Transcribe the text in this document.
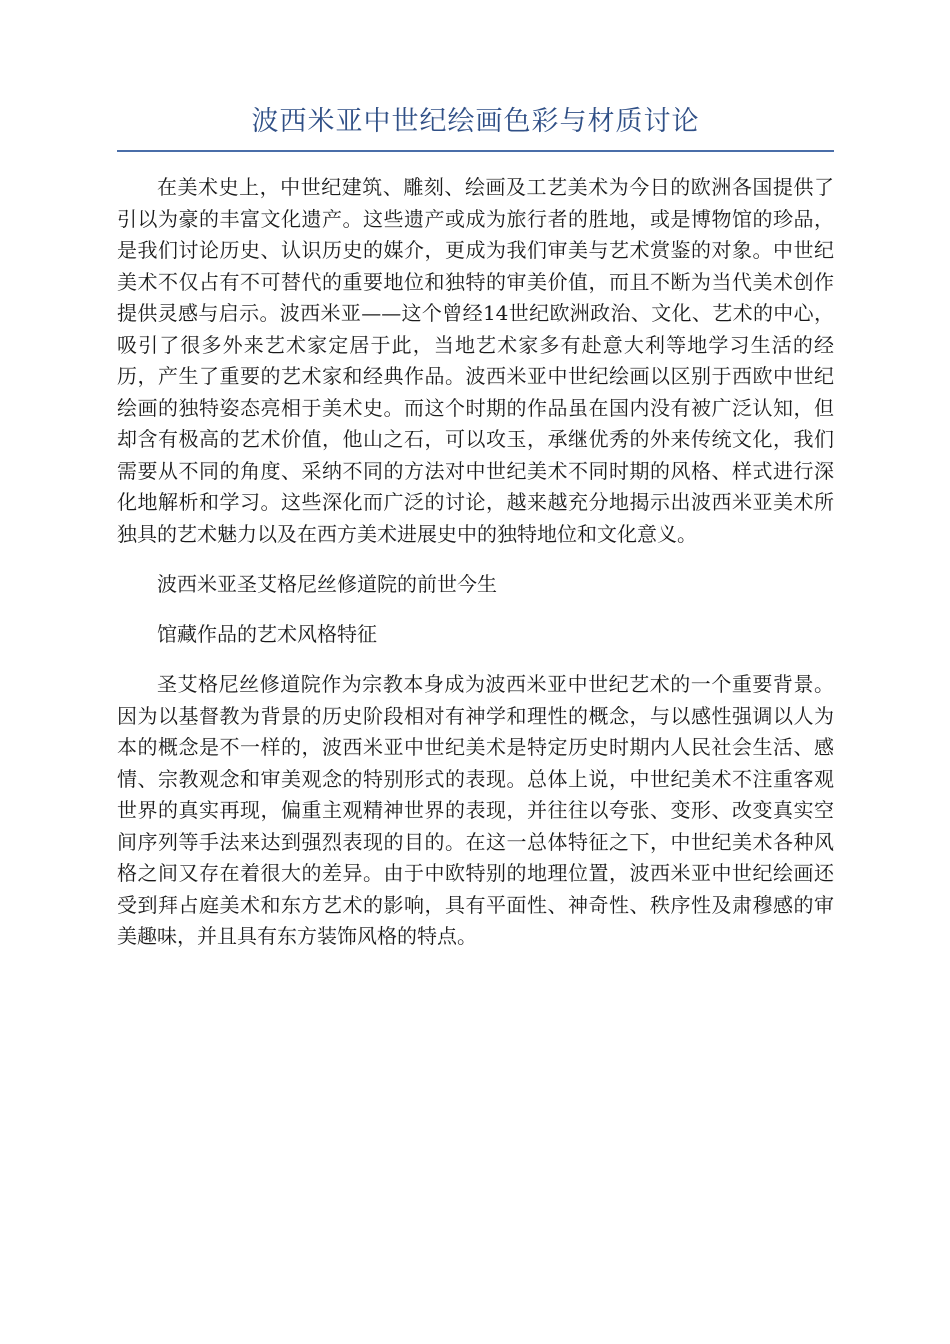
波西米亚中世纪绘画色彩与材质讨论

在美术史上，中世纪建筑、雕刻、绘画及工艺美术为今日的欧洲各国提供了引以为豪的丰富文化遗产。这些遗产或成为旅行者的胜地，或是博物馆的珍品，是我们讨论历史、认识历史的媒介，更成为我们审美与艺术赏鉴的对象。中世纪美术不仅占有不可替代的重要地位和独特的审美价值，而且不断为当代美术创作提供灵感与启示。波西米亚——这个曾经14世纪欧洲政治、文化、艺术的中心，吸引了很多外来艺术家定居于此，当地艺术家多有赴意大利等地学习生活的经历，产生了重要的艺术家和经典作品。波西米亚中世纪绘画以区别于西欧中世纪绘画的独特姿态亮相于美术史。而这个时期的作品虽在国内没有被广泛认知，但却含有极高的艺术价值，他山之石，可以攻玉，承继优秀的外来传统文化，我们需要从不同的角度、采纳不同的方法对中世纪美术不同时期的风格、样式进行深化地解析和学习。这些深化而广泛的讨论，越来越充分地揭示出波西米亚美术所独具的艺术魅力以及在西方美术进展史中的独特地位和文化意义。

波西米亚圣艾格尼丝修道院的前世今生

馆藏作品的艺术风格特征

圣艾格尼丝修道院作为宗教本身成为波西米亚中世纪艺术的一个重要背景。因为以基督教为背景的历史阶段相对有神学和理性的概念，与以感性强调以人为本的概念是不一样的，波西米亚中世纪美术是特定历史时期内人民社会生活、感情、宗教观念和审美观念的特别形式的表现。总体上说，中世纪美术不注重客观世界的真实再现，偏重主观精神世界的表现，并往往以夸张、变形、改变真实空间序列等手法来达到强烈表现的目的。在这一总体特征之下，中世纪美术各种风格之间又存在着很大的差异。由于中欧特别的地理位置，波西米亚中世纪绘画还受到拜占庭美术和东方艺术的影响，具有平面性、神奇性、秩序性及肃穆感的审美趣味，并且具有东方装饰风格的特点。
